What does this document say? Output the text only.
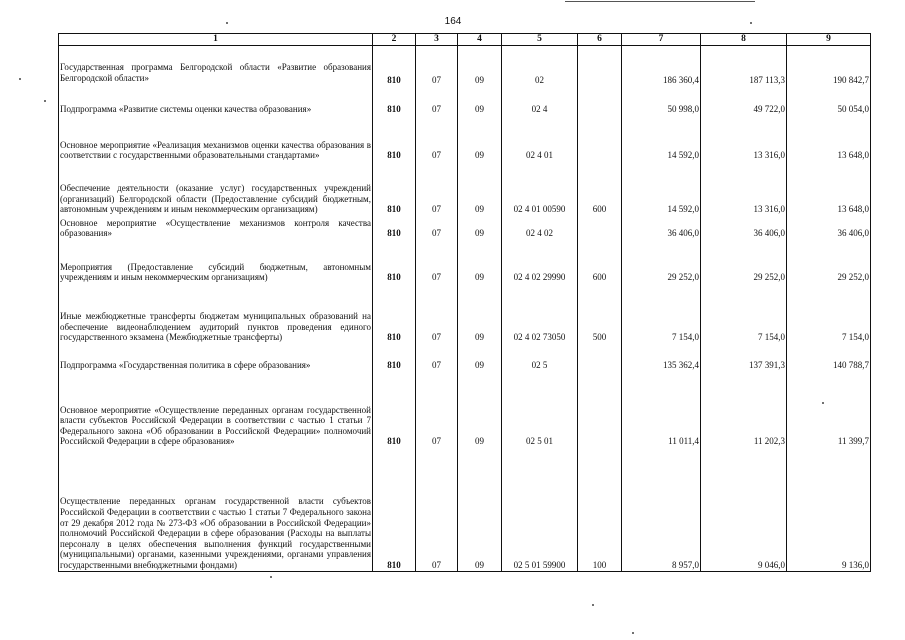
164
1	2	3	4	5	6	7	8	9

Государственная программа Белгородской области «Развитие образования Белгородской области»	810	07	09	02		186 360,4	187 113,3	190 842,7
Подпрограмма «Развитие системы оценки качества образования»	810	07	09	02 4		50 998,0	49 722,0	50 054,0
Основное мероприятие «Реализация механизмов оценки качества образования в соответствии с государственными образовательными стандартами»	810	07	09	02 4 01		14 592,0	13 316,0	13 648,0
Обеспечение деятельности (оказание услуг) государственных учреждений (организаций) Белгородской области (Предоставление субсидий бюджетным, автономным учреждениям и иным некоммерческим организациям)	810	07	09	02 4 01 00590	600	14 592,0	13 316,0	13 648,0
Основное мероприятие «Осуществление механизмов контроля качества образования»	810	07	09	02 4 02		36 406,0	36 406,0	36 406,0
Мероприятия (Предоставление субсидий бюджетным, автономным учреждениям и иным некоммерческим организациям)	810	07	09	02 4 02 29990	600	29 252,0	29 252,0	29 252,0
Иные межбюджетные трансферты бюджетам муниципальных образований на обеспечение видеонаблюдением аудиторий пунктов проведения единого государственного экзамена (Межбюджетные трансферты)	810	07	09	02 4 02 73050	500	7 154,0	7 154,0	7 154,0
Подпрограмма «Государственная политика в сфере образования»	810	07	09	02 5		135 362,4	137 391,3	140 788,7
Основное мероприятие «Осуществление переданных органам государственной власти субъектов Российской Федерации в соответствии с частью 1 статьи 7 Федерального закона «Об образовании в Российской Федерации» полномочий Российской Федерации в сфере образования»	810	07	09	02 5 01		11 011,4	11 202,3	11 399,7
Осуществление переданных органам государственной власти субъектов Российской Федерации в соответствии с частью 1 статьи 7 Федерального закона от 29 декабря 2012 года № 273-ФЗ «Об образовании в Российской Федерации» полномочий Российской Федерации в сфере образования (Расходы на выплаты персоналу в целях обеспечения выполнения функций государственными (муниципальными) органами, казенными учреждениями, органами управления государственными внебюджетными фондами)	810	07	09	02 5 01 59900	100	8 957,0	9 046,0	9 136,0
